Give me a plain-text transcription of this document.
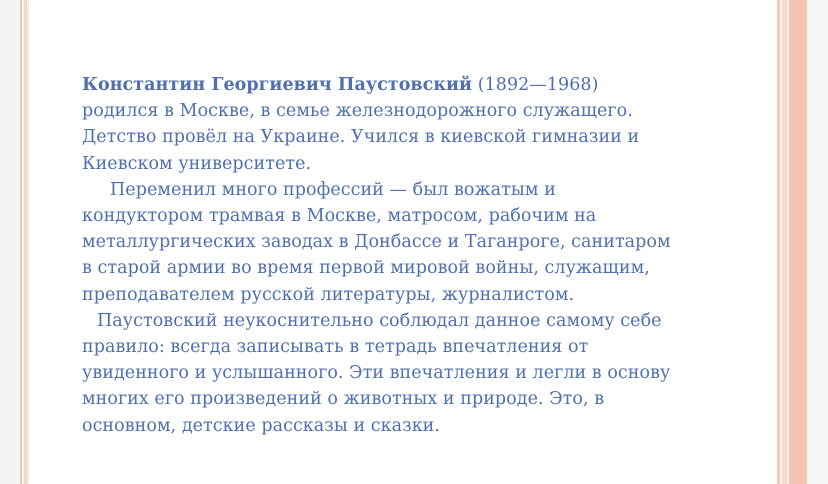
Константин Георгиевич Паустовский (1892—1968)
родился в Москве, в семье железнодорожного служащего.
Детство провёл на Украине. Учился в киевской гимназии и
Киевском университете.

Переменил много профессий — был вожатым и
кондуктором трамвая в Москве, матросом, рабочим на
металлургических заводах в Донбассе и Таганроге, санитаром
в старой армии во время первой мировой войны, служащим,
преподавателем русской литературы, журналистом.

Паустовский неукоснительно соблюдал данное самому себе
правило: всегда записывать в тетрадь впечатления от
увиденного и услышанного. Эти впечатления и легли в основу
многих его произведений о животных и природе. Это, в
основном, детские рассказы и сказки.
